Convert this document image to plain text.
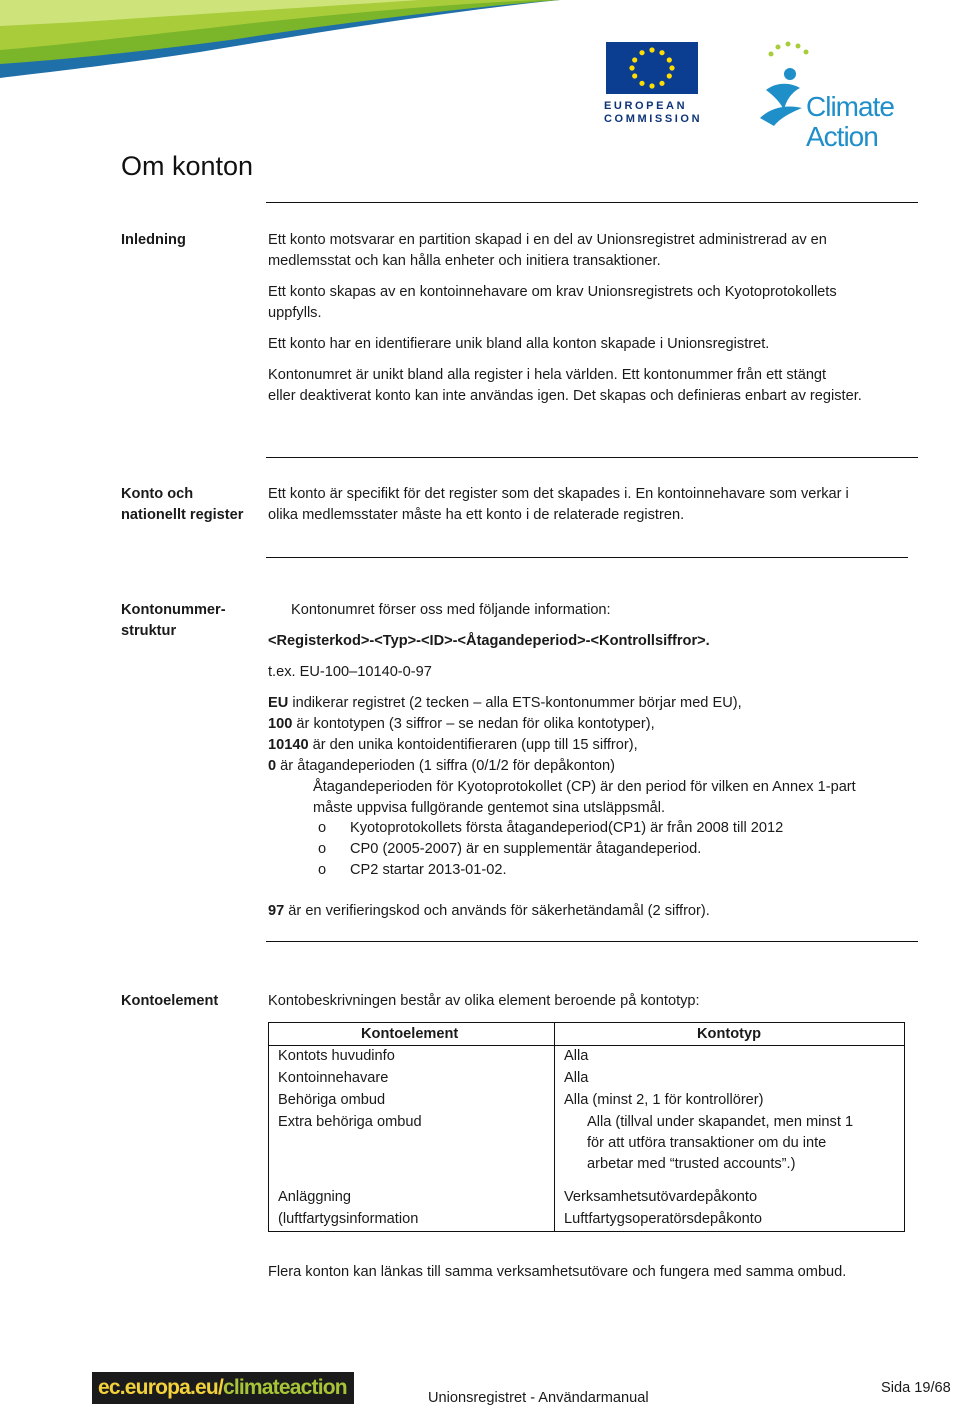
EUROPEAN
COMMISSION	Climate Action
Om konton
Inledning	Ett konto motsvarar en partition skapad i en del av Unionsregistret administrerad av en
medlemsstat och kan hålla enheter och initiera transaktioner.
Ett konto skapas av en kontoinnehavare om krav Unionsregistrets och Kyotoprotokollets
uppfylls.
Ett konto har en identifierare unik bland alla konton skapade i Unionsregistret.
Kontonumret är unikt bland alla register i hela världen. Ett kontonummer från ett stängt
eller deaktiverat konto kan inte användas igen. Det skapas och definieras enbart av register.
Konto och
nationellt register
Ett konto är specifikt för det register som det skapades i. En kontoinnehavare som verkar i
olika medlemsstater måste ha ett konto i de relaterade registren.
Kontonummer-
struktur
Kontonumret förser oss med följande information:
<Registerkod>-<Typ>-<ID>-<Åtagandeperiod>-<Kontrollsiffror>.
t.ex. EU-100–10140-0-97
EU indikerar registret (2 tecken – alla ETS-kontonummer börjar med EU),
100 är kontotypen (3 siffror – se nedan för olika kontotyper),
10140 är den unika kontoidentifieraren (upp till 15 siffror),
0 är åtagandeperioden (1 siffra (0/1/2 för depåkonton)
Åtagandeperioden för Kyotoprotokollet (CP) är den period för vilken en Annex 1-part
måste uppvisa fullgörande gentemot sina utsläppsmål.
o Kyotoprotokollets första åtagandeperiod(CP1) är från 2008 till 2012
o CP0 (2005-2007) är en supplementär åtagandeperiod.
o CP2 startar 2013-01-02.
97 är en verifieringskod och används för säkerhetändamål (2 siffror).
Kontoelement	Kontobeskrivningen består av olika element beroende på kontotyp:
Kontoelement	Kontotyp
Kontots huvudinfo	Alla
Kontoinnehavare	Alla
Behöriga ombud	Alla (minst 2, 1 för kontrollörer)
Extra behöriga ombud	Alla (tillval under skapandet, men minst 1
för att utföra transaktioner om du inte
arbetar med “trusted accounts”.)
Anläggning	Verksamhetsutövardepåkonto
(luftfartygsinformation	Luftfartygsoperatörsdepåkonto
Flera konton kan länkas till samma verksamhetsutövare och fungera med samma ombud.
ec.europa.eu/climateaction	Unionsregistret - Användarmanual
Sida 19/68
